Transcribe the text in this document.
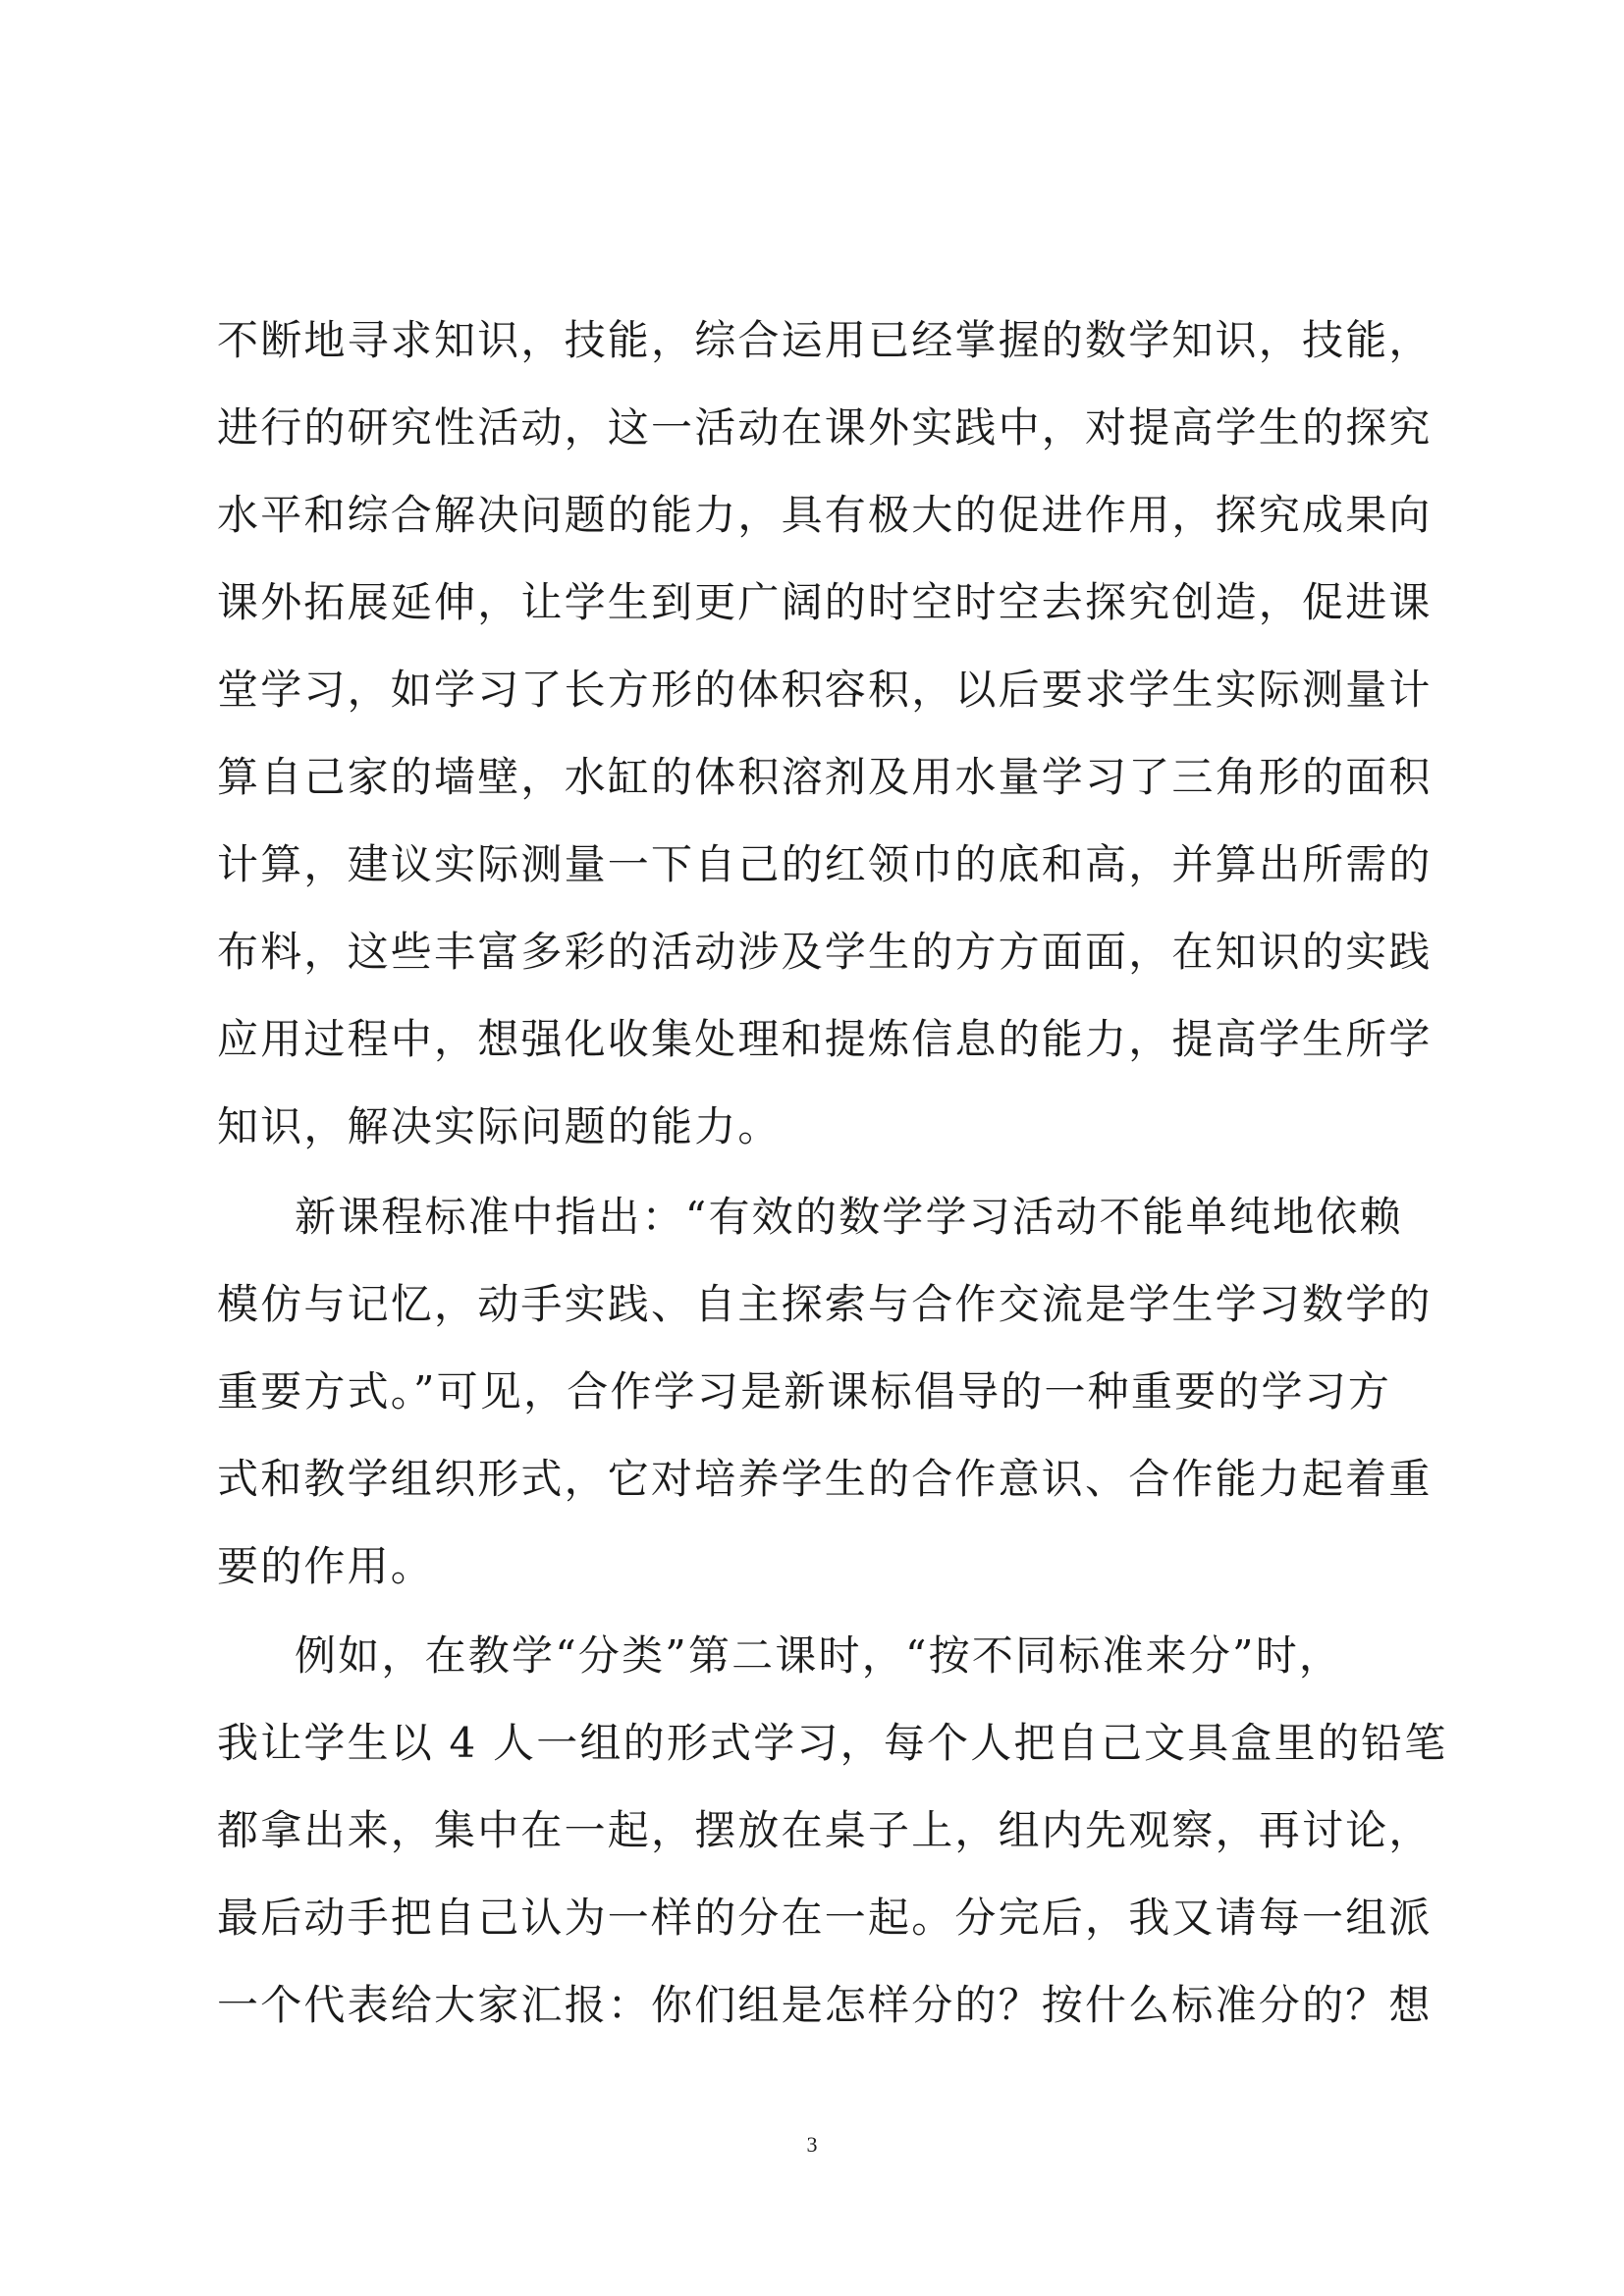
不断地寻求知识，技能，综合运用已经掌握的数学知识，技能，
进行的研究性活动，这一活动在课外实践中，对提高学生的探究
水平和综合解决问题的能力，具有极大的促进作用，探究成果向
课外拓展延伸，让学生到更广阔的时空时空去探究创造，促进课
堂学习，如学习了长方形的体积容积，以后要求学生实际测量计
算自己家的墙壁，水缸的体积溶剂及用水量学习了三角形的面积
计算，建议实际测量一下自己的红领巾的底和高，并算出所需的
布料，这些丰富多彩的活动涉及学生的方方面面，在知识的实践
应用过程中，想强化收集处理和提炼信息的能力，提高学生所学
知识，解决实际问题的能力。
新课程标准中指出：“有效的数学学习活动不能单纯地依赖
模仿与记忆，动手实践、自主探索与合作交流是学生学习数学的
重要方式。”可见，合作学习是新课标倡导的一种重要的学习方
式和教学组织形式，它对培养学生的合作意识、合作能力起着重
要的作用。
例如，在教学“分类”第二课时，“按不同标准来分”时，
我让学生以 4 人一组的形式学习，每个人把自己文具盒里的铅笔
都拿出来，集中在一起，摆放在桌子上，组内先观察，再讨论，
最后动手把自己认为一样的分在一起。分完后，我又请每一组派
一个代表给大家汇报：你们组是怎样分的？按什么标准分的？想
3
